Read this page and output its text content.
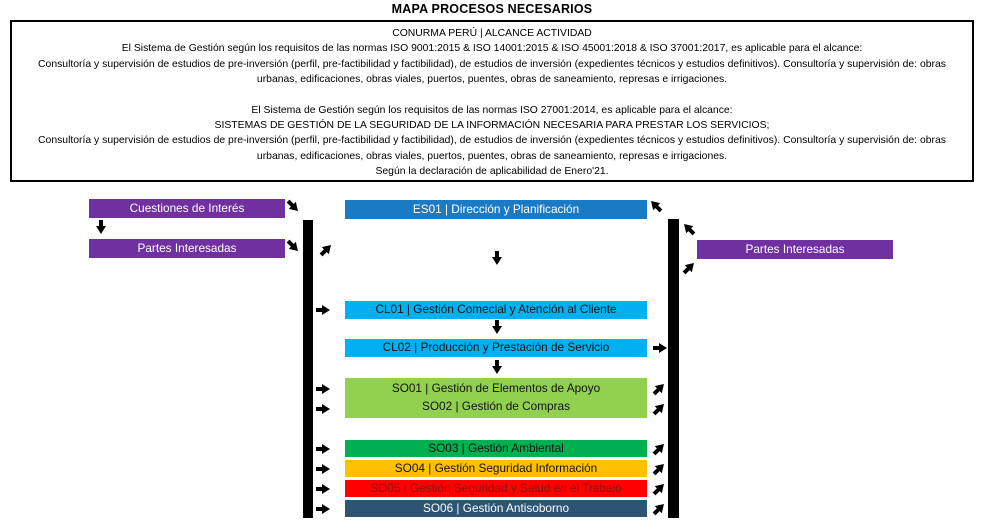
MAPA PROCESOS NECESARIOS
CONURMA PERÚ | ALCANCE ACTIVIDAD
El Sistema de Gestión según los requisitos de las normas ISO 9001:2015 & ISO 14001:2015 & ISO 45001:2018 & ISO 37001:2017, es aplicable para el alcance:
Consultoría y supervisión de estudios de pre-inversión (perfil, pre-factibilidad y factibilidad), de estudios de inversión (expedientes técnicos y estudios definitivos). Consultoría y supervisión de: obras
urbanas, edificaciones, obras viales, puertos, puentes, obras de saneamiento, represas e irrigaciones.
El Sistema de Gestión según los requisitos de las normas ISO 27001:2014, es aplicable para el alcance:
SISTEMAS DE GESTIÓN DE LA SEGURIDAD DE LA INFORMACIÓN NECESARIA PARA PRESTAR LOS SERVICIOS;
Consultoría y supervisión de estudios de pre-inversión (perfil, pre-factibilidad y factibilidad), de estudios de inversión (expedientes técnicos y estudios definitivos). Consultoría y supervisión de: obras
urbanas, edificaciones, obras viales, puertos, puentes, obras de saneamiento, represas e irrigaciones.
Según la declaración de aplicabilidad de Enero'21.
Cuestiones de Interés
Partes Interesadas	Partes Interesadas
ES01 | Dirección y Planificación
CL01 | Gestión Comecial y Atención al Cliente
CL02 | Producción y Prestación de Servicio
SO01 | Gestión de Elementos de Apoyo
SO02 | Gestión de Compras
SO03 | Gestión Ambiental
SO04 | Gestión Seguridad Información
SO05 | Gestión Seguridad y Salud en el Trabajo
SO06 | Gestión Antisoborno
